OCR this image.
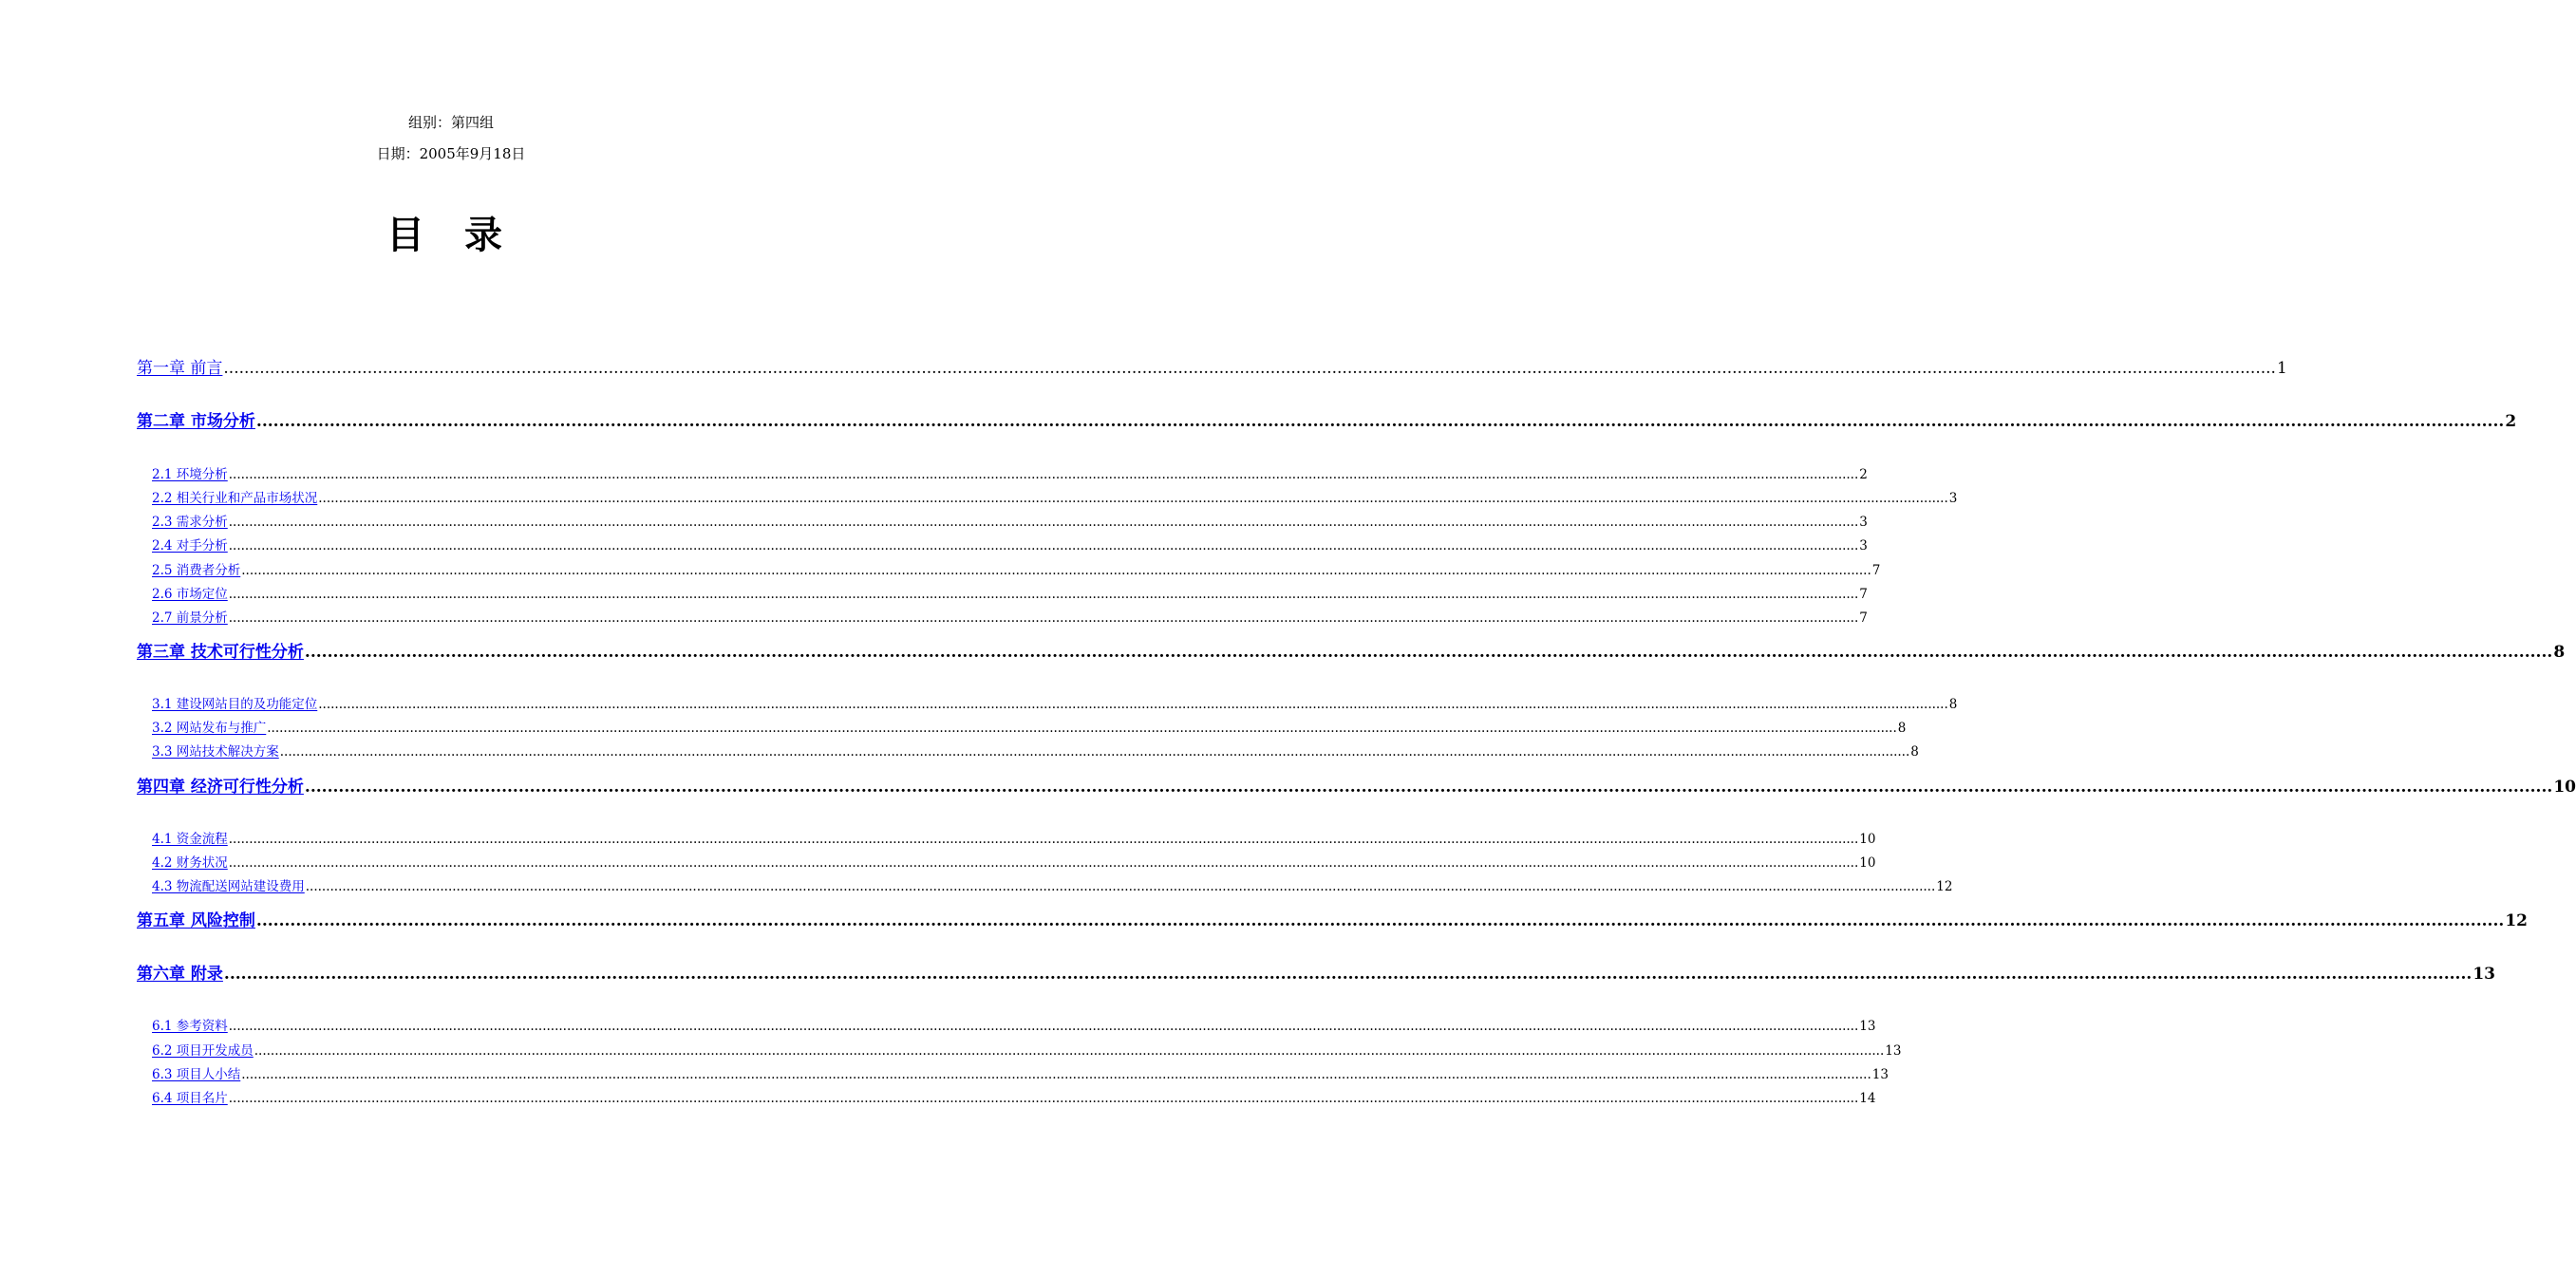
组别：第四组
日期：2005年9月18日
目 录
第一章 前言 ................................................................................................................................................................................................................................................................................................................................................................................................................ 1
第二章 市场分析 ................................................................................................................................................................................................................................................................................................................................................................................................................ 2
2.1 环境分析 ................................................................................................................................................................................................................................................................................................................................................................................................................ 2
2.2 相关行业和产品市场状况 ................................................................................................................................................................................................................................................................................................................................................................................................................ 3
2.3 需求分析 ................................................................................................................................................................................................................................................................................................................................................................................................................ 3
2.4 对手分析 ................................................................................................................................................................................................................................................................................................................................................................................................................ 3
2.5 消费者分析 ................................................................................................................................................................................................................................................................................................................................................................................................................ 7
2.6 市场定位 ................................................................................................................................................................................................................................................................................................................................................................................................................ 7
2.7 前景分析 ................................................................................................................................................................................................................................................................................................................................................................................................................ 7
第三章 技术可行性分析 ................................................................................................................................................................................................................................................................................................................................................................................................................ 8
3.1 建设网站目的及功能定位 ................................................................................................................................................................................................................................................................................................................................................................................................................ 8
3.2 网站发布与推广 ................................................................................................................................................................................................................................................................................................................................................................................................................ 8
3.3 网站技术解决方案 ................................................................................................................................................................................................................................................................................................................................................................................................................ 8
第四章 经济可行性分析 ................................................................................................................................................................................................................................................................................................................................................................................................................ 10
4.1 资金流程 ................................................................................................................................................................................................................................................................................................................................................................................................................ 10
4.2 财务状况 ................................................................................................................................................................................................................................................................................................................................................................................................................ 10
4.3 物流配送网站建设费用 ................................................................................................................................................................................................................................................................................................................................................................................................................ 12
第五章 风险控制 ................................................................................................................................................................................................................................................................................................................................................................................................................ 12
第六章 附录 ................................................................................................................................................................................................................................................................................................................................................................................................................ 13
6.1 参考资料 ................................................................................................................................................................................................................................................................................................................................................................................................................ 13
6.2 项目开发成员 ................................................................................................................................................................................................................................................................................................................................................................................................................ 13
6.3 项目人小结 ................................................................................................................................................................................................................................................................................................................................................................................................................ 13
6.4 项目名片 ................................................................................................................................................................................................................................................................................................................................................................................................................ 14
